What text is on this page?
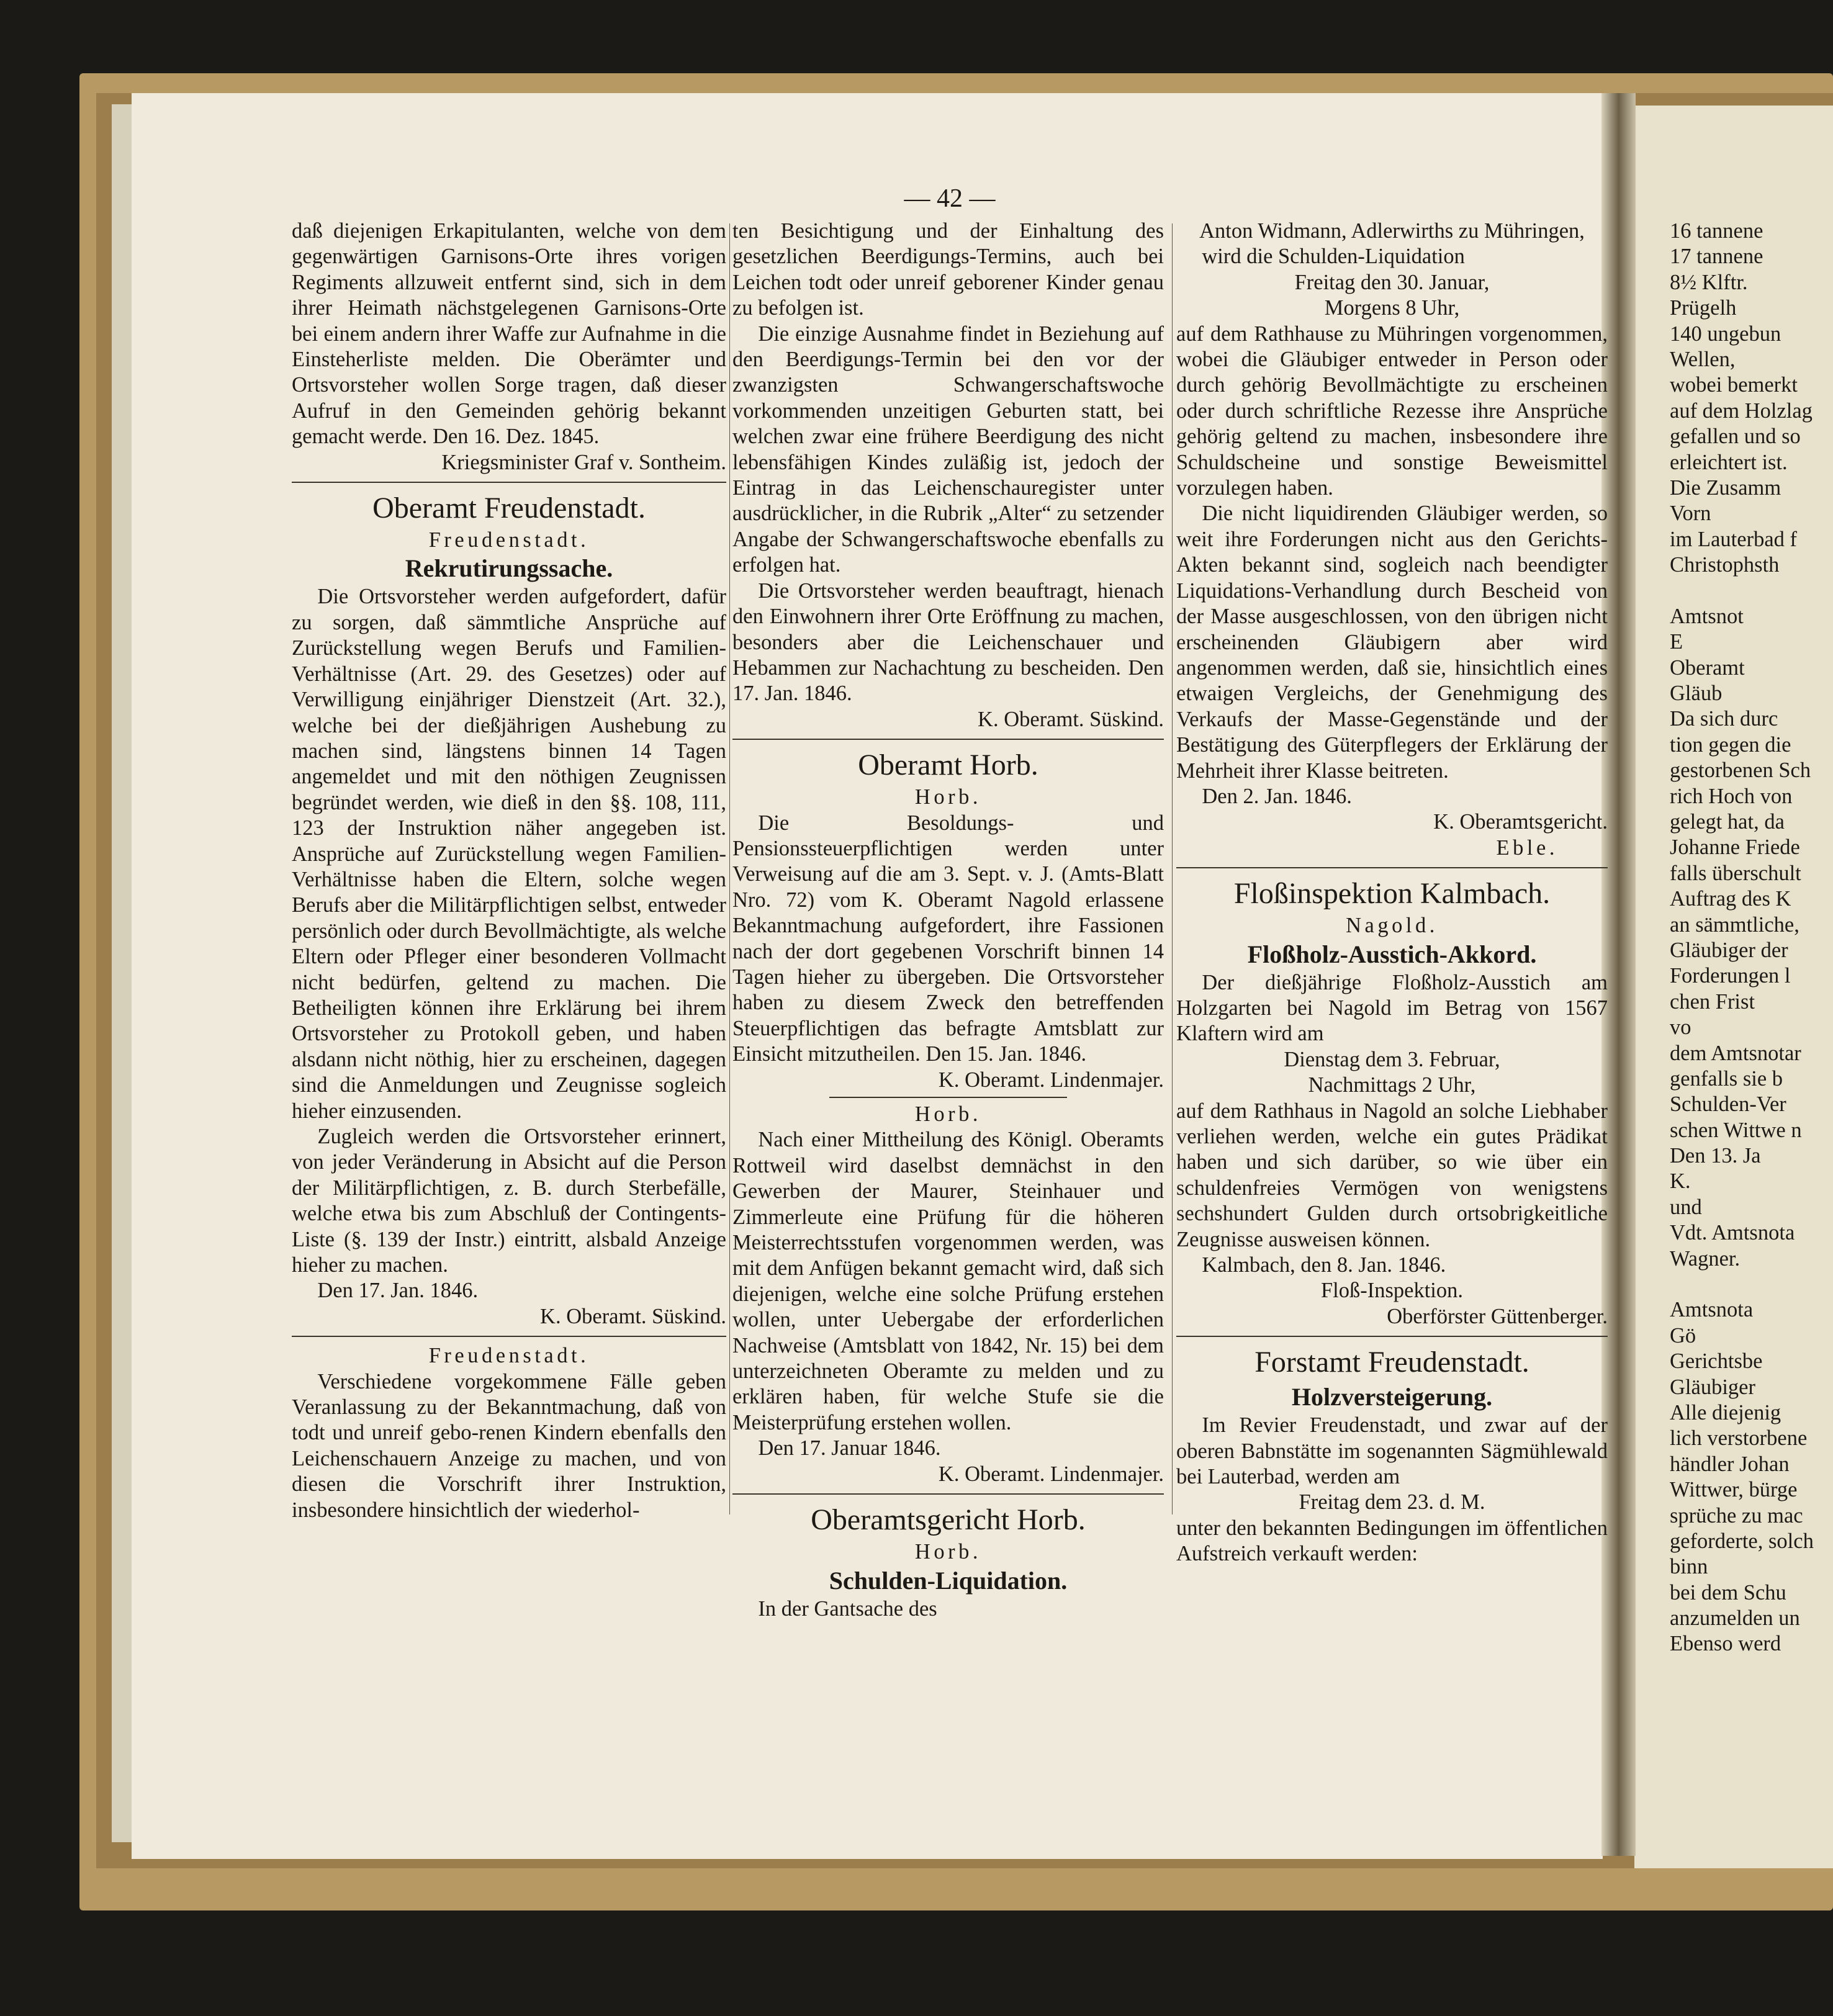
— 42 —

daß diejenigen Erkapitulanten, welche von dem gegenwärtigen Garnisons-Orte ihres vorigen Regiments allzuweit entfernt sind, sich in dem ihrer Heimath nächstgelegenen Garnisons-Orte bei einem andern ihrer Waffe zur Aufnahme in die Einsteherliste melden. Die Oberämter und Ortsvorsteher wollen Sorge tragen, daß dieser Aufruf in den Gemeinden gehörig bekannt gemacht werde. Den 16. Dez. 1845.

Kriegsminister Graf v. Sontheim.

Oberamt Freudenstadt.

Freudenstadt.

Rekrutirungssache.

Die Ortsvorsteher werden aufgefordert, dafür zu sorgen, daß sämmtliche Ansprüche auf Zurückstellung wegen Berufs und Familien-Verhältnisse (Art. 29. des Gesetzes) oder auf Verwilligung einjähriger Dienstzeit (Art. 32.), welche bei der dießjährigen Aushebung zu machen sind, längstens binnen 14 Tagen angemeldet und mit den nöthigen Zeugnissen begründet werden, wie dieß in den §§. 108, 111, 123 der Instruktion näher angegeben ist. Ansprüche auf Zurückstellung wegen Familien-Verhältnisse haben die Eltern, solche wegen Berufs aber die Militärpflichtigen selbst, entweder persönlich oder durch Bevollmächtigte, als welche Eltern oder Pfleger einer besonderen Vollmacht nicht bedürfen, geltend zu machen. Die Betheiligten können ihre Erklärung bei ihrem Ortsvorsteher zu Protokoll geben, und haben alsdann nicht nöthig, hier zu erscheinen, dagegen sind die Anmeldungen und Zeugnisse sogleich hieher einzusenden.

Zugleich werden die Ortsvorsteher erinnert, von jeder Veränderung in Absicht auf die Person der Militärpflichtigen, z. B. durch Sterbefälle, welche etwa bis zum Abschluß der Contingents-Liste (§. 139 der Instr.) eintritt, alsbald Anzeige hieher zu machen.

Den 17. Jan. 1846.

K. Oberamt. Süskind.

Freudenstadt.

Verschiedene vorgekommene Fälle geben Veranlassung zu der Bekanntmachung, daß von todt und unreif gebo-renen Kindern ebenfalls den Leichenschauern Anzeige zu machen, und von diesen die Vorschrift ihrer Instruktion, insbesondere hinsichtlich der wiederhol-

ten Besichtigung und der Einhaltung des gesetzlichen Beerdigungs-Termins, auch bei Leichen todt oder unreif geborener Kinder genau zu befolgen ist.

Die einzige Ausnahme findet in Beziehung auf den Beerdigungs-Termin bei den vor der zwanzigsten Schwangerschaftswoche vorkommenden unzeitigen Geburten statt, bei welchen zwar eine frühere Beerdigung des nicht lebensfähigen Kindes zuläßig ist, jedoch der Eintrag in das Leichenschauregister unter ausdrücklicher, in die Rubrik „Alter“ zu setzender Angabe der Schwangerschaftswoche ebenfalls zu erfolgen hat.

Die Ortsvorsteher werden beauftragt, hienach den Einwohnern ihrer Orte Eröffnung zu machen, besonders aber die Leichenschauer und Hebammen zur Nachachtung zu bescheiden. Den 17. Jan. 1846.

K. Oberamt. Süskind.

Oberamt Horb.

Horb.

Die Besoldungs- und Pensionssteuerpflichtigen werden unter Verweisung auf die am 3. Sept. v. J. (Amts-Blatt Nro. 72) vom K. Oberamt Nagold erlassene Bekanntmachung aufgefordert, ihre Fassionen nach der dort gegebenen Vorschrift binnen 14 Tagen hieher zu übergeben. Die Ortsvorsteher haben zu diesem Zweck den betreffenden Steuerpflichtigen das befragte Amtsblatt zur Einsicht mitzutheilen. Den 15. Jan. 1846.

K. Oberamt. Lindenmajer.

Horb.

Nach einer Mittheilung des Königl. Oberamts Rottweil wird daselbst demnächst in den Gewerben der Maurer, Steinhauer und Zimmerleute eine Prüfung für die höheren Meisterrechtsstufen vorgenommen werden, was mit dem Anfügen bekannt gemacht wird, daß sich diejenigen, welche eine solche Prüfung erstehen wollen, unter Uebergabe der erforderlichen Nachweise (Amtsblatt von 1842, Nr. 15) bei dem unterzeichneten Oberamte zu melden und zu erklären haben, für welche Stufe sie die Meisterprüfung erstehen wollen.

Den 17. Januar 1846.

K. Oberamt. Lindenmajer.

Oberamtsgericht Horb.

Horb.

Schulden-Liquidation.

In der Gantsache des

Anton Widmann, Adlerwirths zu Mühringen,

wird die Schulden-Liquidation

Freitag den 30. Januar,

Morgens 8 Uhr,

auf dem Rathhause zu Mühringen vorgenommen, wobei die Gläubiger entweder in Person oder durch gehörig Bevollmächtigte zu erscheinen oder durch schriftliche Rezesse ihre Ansprüche gehörig geltend zu machen, insbesondere ihre Schuldscheine und sonstige Beweismittel vorzulegen haben.

Die nicht liquidirenden Gläubiger werden, so weit ihre Forderungen nicht aus den Gerichts-Akten bekannt sind, sogleich nach beendigter Liquidations-Verhandlung durch Bescheid von der Masse ausgeschlossen, von den übrigen nicht erscheinenden Gläubigern aber wird angenommen werden, daß sie, hinsichtlich eines etwaigen Vergleichs, der Genehmigung des Verkaufs der Masse-Gegenstände und der Bestätigung des Güterpflegers der Erklärung der Mehrheit ihrer Klasse beitreten.

Den 2. Jan. 1846.

K. Oberamtsgericht.

Eble.

Floßinspektion Kalmbach.

Nagold.

Floßholz-Ausstich-Akkord.

Der dießjährige Floßholz-Ausstich am Holzgarten bei Nagold im Betrag von 1567 Klaftern wird am

Dienstag dem 3. Februar,

Nachmittags 2 Uhr,

auf dem Rathhaus in Nagold an solche Liebhaber verliehen werden, welche ein gutes Prädikat haben und sich darüber, so wie über ein schuldenfreies Vermögen von wenigstens sechshundert Gulden durch ortsobrigkeitliche Zeugnisse ausweisen können.

Kalmbach, den 8. Jan. 1846.

Floß-Inspektion.

Oberförster Güttenberger.

Forstamt Freudenstadt.

Holzversteigerung.

Im Revier Freudenstadt, und zwar auf der oberen Babnstätte im sogenannten Sägmühlewald bei Lauterbad, werden am

Freitag dem 23. d. M.

unter den bekannten Bedingungen im öffentlichen Aufstreich verkauft werden:

16 tannene
17 tannene
8½ Klftr.
Prügelh
140 ungebun
Wellen,
wobei bemerkt
auf dem Holzlag
gefallen und so
erleichtert ist.
Die Zusamm
Vorn
im Lauterbad f
Christophsth
Amtsnot
E
Oberamt
Gläub
Da sich durc
tion gegen die
gestorbenen Sch
rich Hoch von
gelegt hat, da
Johanne Friede
falls überschult
Auftrag des K
an sämmtliche,
Gläubiger der
Forderungen l
chen Frist
vo
dem Amtsnotar
genfalls sie b
Schulden-Ver
schen Wittwe n
Den 13. Ja
K.
und
Vdt. Amtsnota
Wagner.
Amtsnota
Gö
Gerichtsbe
Gläubiger
Alle diejenig
lich verstorbene
händler Johan
Wittwer, bürge
sprüche zu mac
geforderte, solch
binn
bei dem Schu
anzumelden un
Ebenso werd
